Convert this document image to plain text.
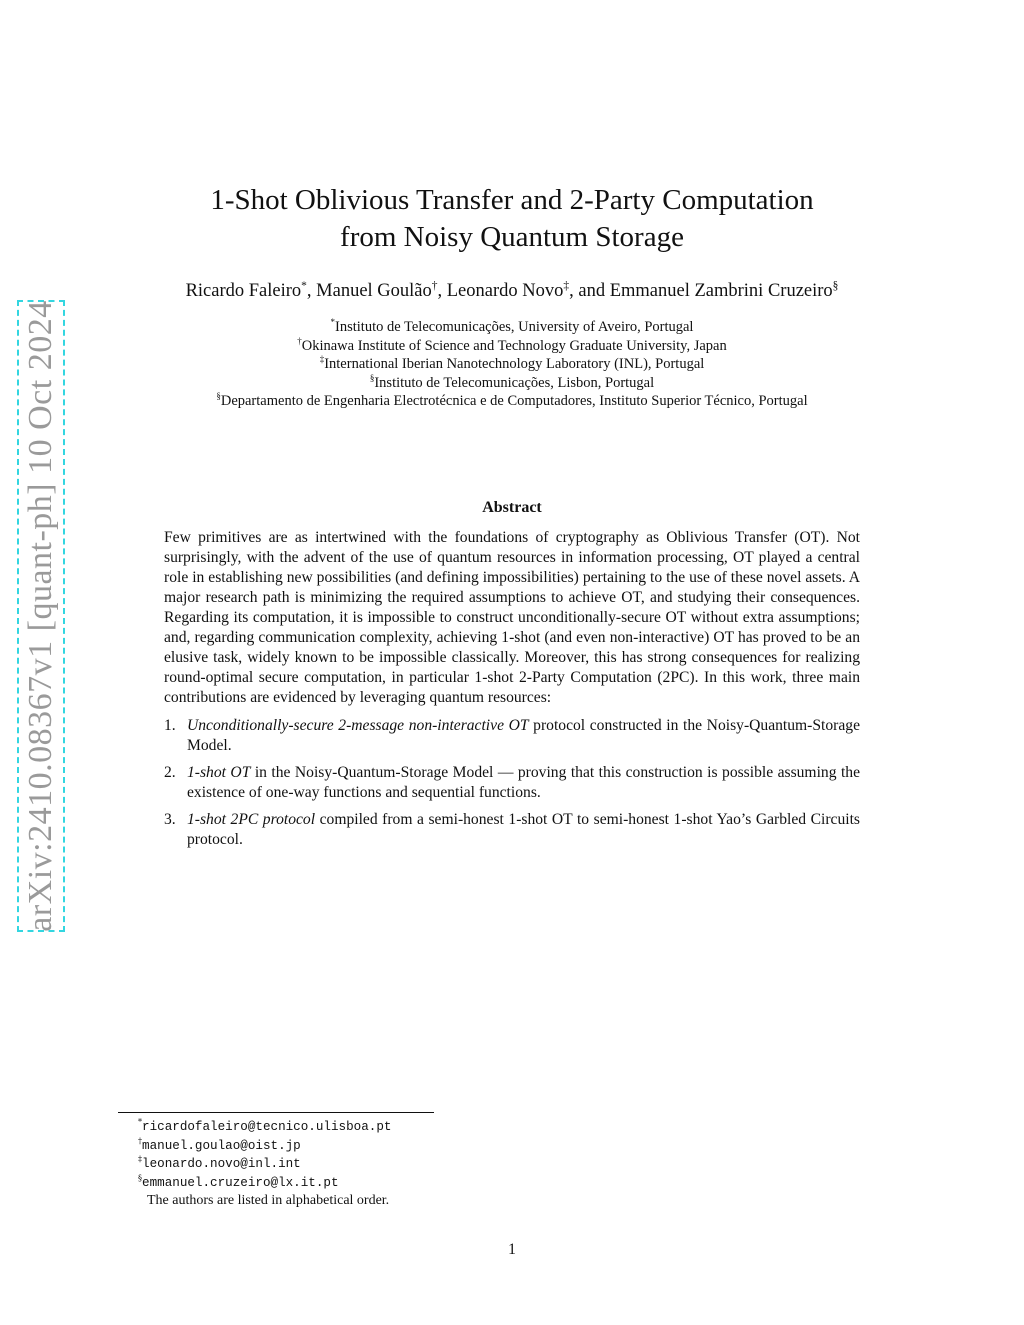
arXiv:2410.08367v1 [quant-ph] 10 Oct 2024
1-Shot Oblivious Transfer and 2-Party Computation
from Noisy Quantum Storage
Ricardo Faleiro*, Manuel Goulão†, Leonardo Novo‡, and Emmanuel Zambrini Cruzeiro§
*Instituto de Telecomunicações, University of Aveiro, Portugal
†Okinawa Institute of Science and Technology Graduate University, Japan
‡International Iberian Nanotechnology Laboratory (INL), Portugal
§Instituto de Telecomunicações, Lisbon, Portugal
§Departamento de Engenharia Electrotécnica e de Computadores, Instituto Superior Técnico, Portugal
Abstract

Few primitives are as intertwined with the foundations of cryptography as Oblivious Transfer (OT). Not surprisingly, with the advent of the use of quantum resources in information processing, OT played a central role in establishing new possibilities (and defining impossibilities) pertaining to the use of these novel assets. A major research path is minimizing the required assumptions to achieve OT, and studying their consequences. Regarding its computation, it is impossible to construct unconditionally-secure OT without extra assumptions; and, regarding communication complexity, achieving 1-shot (and even non-interactive) OT has proved to be an elusive task, widely known to be impossible classically. Moreover, this has strong consequences for realizing round-optimal secure computation, in particular 1-shot 2-Party Computation (2PC). In this work, three main contributions are evidenced by leveraging quantum resources:

1. Unconditionally-secure 2-message non-interactive OT protocol constructed in the Noisy-Quantum-Storage Model.
2. 1-shot OT in the Noisy-Quantum-Storage Model — proving that this construction is possible assuming the existence of one-way functions and sequential functions.
3. 1-shot 2PC protocol compiled from a semi-honest 1-shot OT to semi-honest 1-shot Yao’s Garbled Circuits protocol.
*ricardofaleiro@tecnico.ulisboa.pt
†manuel.goulao@oist.jp
‡leonardo.novo@inl.int
§emmanuel.cruzeiro@lx.it.pt
The authors are listed in alphabetical order.
1
